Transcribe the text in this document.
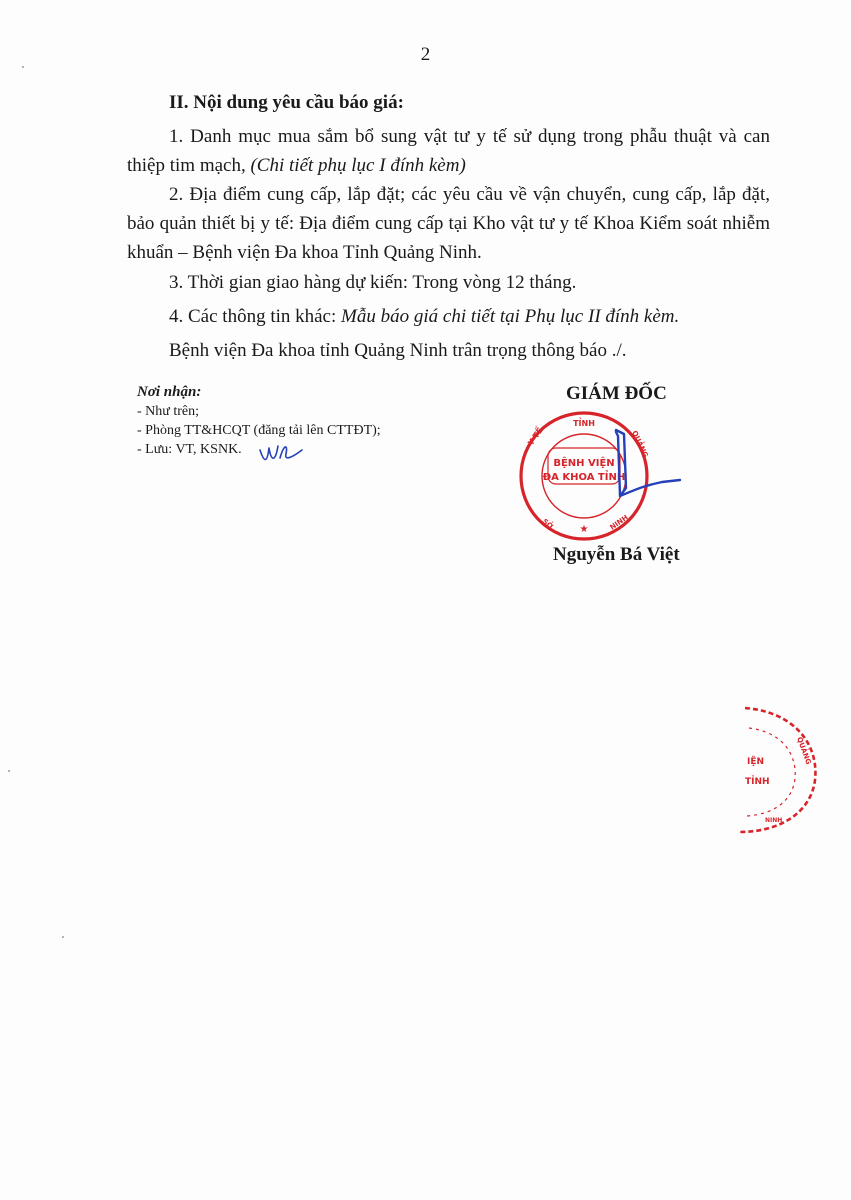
2
II. Nội dung yêu cầu báo giá:

1. Danh mục mua sắm bổ sung vật tư y tế sử dụng trong phẫu thuật và can thiệp tim mạch, (Chi tiết phụ lục I đính kèm)

2. Địa điểm cung cấp, lắp đặt; các yêu cầu về vận chuyển, cung cấp, lắp đặt, bảo quản thiết bị y tế: Địa điểm cung cấp tại Kho vật tư y tế Khoa Kiểm soát nhiễm khuẩn – Bệnh viện Đa khoa Tỉnh Quảng Ninh.

3. Thời gian giao hàng dự kiến: Trong vòng 12 tháng.

4. Các thông tin khác: Mẫu báo giá chi tiết tại Phụ lục II đính kèm.

Bệnh viện Đa khoa tỉnh Quảng Ninh trân trọng thông báo ./.

Nơi nhận:
- Như trên;
- Phòng TT&HCQT (đăng tải lên CTTĐT);
- Lưu: VT, KSNK.
GIÁM ĐỐC
TỈNH
Y TẾ	QUẢNG
SỞ	NINH
BỆNH VIỆN
ĐA KHOA TỈNH
★
Nguyễn Bá Việt
IỆN
TỈNH
QUẢNG
NINH
